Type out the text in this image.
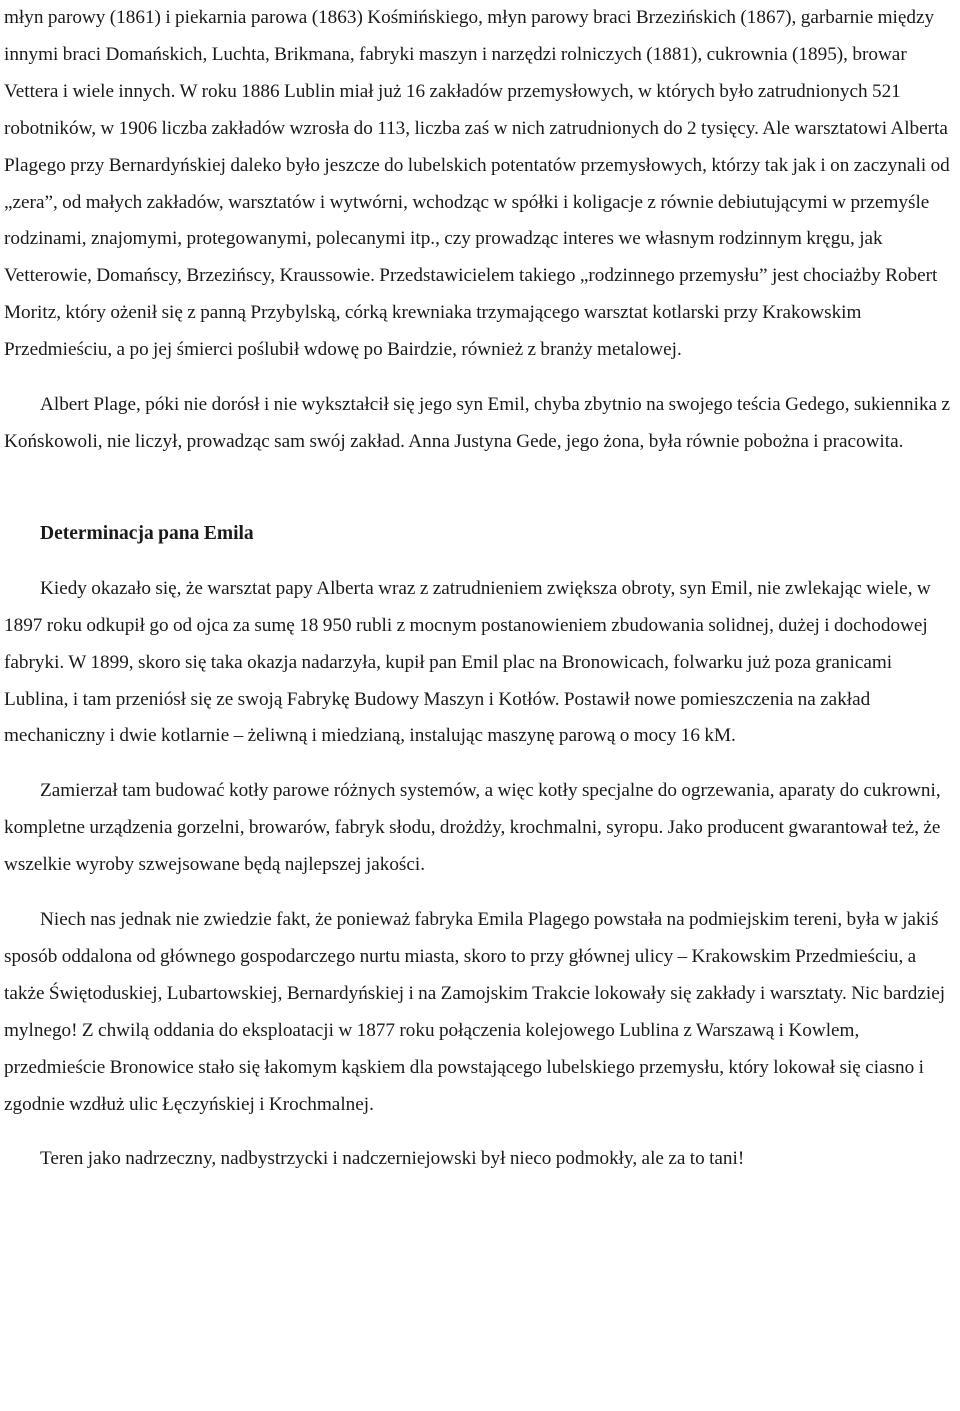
młyn parowy (1861) i piekarnia parowa (1863) Kośmińskiego, młyn parowy braci Brzezińskich (1867), garbarnie między innymi braci Domańskich, Luchta, Brikmana, fabryki maszyn i narzędzi rolniczych (1881), cukrownia (1895), browar Vettera i wiele innych. W roku 1886 Lublin miał już 16 zakładów przemysłowych, w których było zatrudnionych 521 robotników, w 1906 liczba zakładów wzrosła do 113, liczba zaś w nich zatrudnionych do 2 tysięcy. Ale warsztatowi Alberta Plagego przy Bernardyńskiej daleko było jeszcze do lubelskich potentatów przemysłowych, którzy tak jak i on zaczynali od „zera”, od małych zakładów, warsztatów i wytwórni, wchodząc w spółki i koligacje z równie debiutującymi w przemyśle rodzinami, znajomymi, protegowanymi, polecanymi itp., czy prowadząc interes we własnym rodzinnym kręgu, jak Vetterowie, Domańscy, Brzezińscy, Kraussowie. Przedstawicielem takiego „rodzinnego przemysłu” jest chociażby Robert Moritz, który ożenił się z panną Przybylską, córką krewniaka trzymającego warsztat kotlarski przy Krakowskim Przedmieściu, a po jej śmierci poślubił wdowę po Bairdzie, również z branży metalowej.

Albert Plage, póki nie dorósł i nie wykształcił się jego syn Emil, chyba zbytnio na swojego teścia Gedego, sukiennika z Końskowoli, nie liczył, prowadząc sam swój zakład. Anna Justyna Gede, jego żona, była równie pobożna i pracowita.

Determinacja pana Emila

Kiedy okazało się, że warsztat papy Alberta wraz z zatrudnieniem zwiększa obroty, syn Emil, nie zwlekając wiele, w 1897 roku odkupił go od ojca za sumę 18 950 rubli z mocnym postanowieniem zbudowania solidnej, dużej i dochodowej fabryki. W 1899, skoro się taka okazja nadarzyła, kupił pan Emil plac na Bronowicach, folwarku już poza granicami Lublina, i tam przeniósł się ze swoją Fabrykę Budowy Maszyn i Kotłów. Postawił nowe pomieszczenia na zakład mechaniczny i dwie kotlarnie – żeliwną i miedzianą, instalując maszynę parową o mocy 16 kM.

Zamierzał tam budować kotły parowe różnych systemów, a więc kotły specjalne do ogrzewania, aparaty do cukrowni, kompletne urządzenia gorzelni, browarów, fabryk słodu, drożdży, krochmalni, syropu. Jako producent gwarantował też, że wszelkie wyroby szwejsowane będą najlepszej jakości.

Niech nas jednak nie zwiedzie fakt, że ponieważ fabryka Emila Plagego powstała na podmiejskim tereni, była w jakiś sposób oddalona od głównego gospodarczego nurtu miasta, skoro to przy głównej ulicy – Krakowskim Przedmieściu, a także Świętoduskiej, Lubartowskiej, Bernardyńskiej i na Zamojskim Trakcie lokowały się zakłady i warsztaty. Nic bardziej mylnego! Z chwilą oddania do eksploatacji w 1877 roku połączenia kolejowego Lublina z Warszawą i Kowlem, przedmieście Bronowice stało się łakomym kąskiem dla powstającego lubelskiego przemysłu, który lokował się ciasno i zgodnie wzdłuż ulic Łęczyńskiej i Krochmalnej.

Teren jako nadrzeczny, nadbystrzycki i nadczerniejowski był nieco podmokły, ale za to tani!
